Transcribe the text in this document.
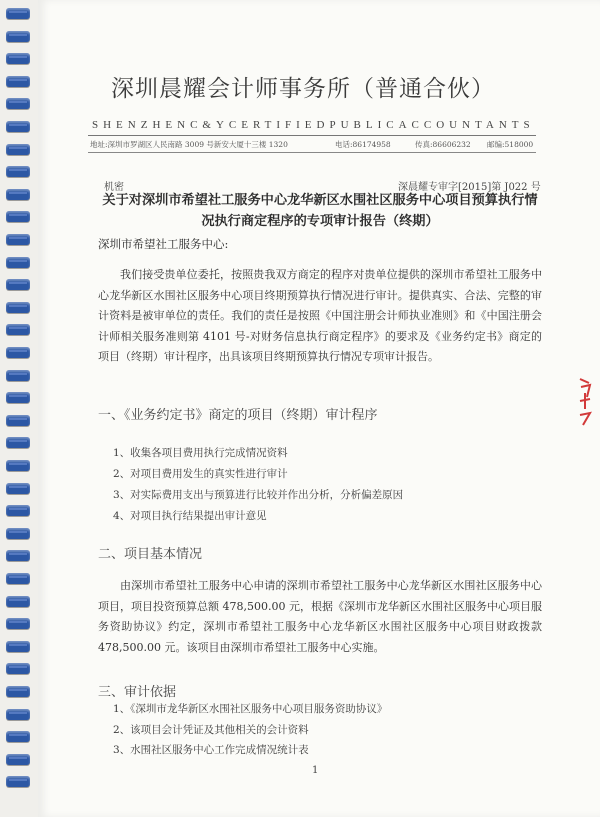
深圳晨耀会计师事务所（普通合伙）
SHENZHEN C&Y CERTIFIED PUBLIC ACCOUNTANTS
地址:深圳市罗湖区人民南路 3009 号新安大厦十三楼 1320	电话:86174958	传真:86606232 邮编:518000
机密	深晨耀专审字[2015]第 J022 号
关于对深圳市希望社工服务中心龙华新区水围社区服务中心项目预算执行情况执行商定程序的专项审计报告（终期）
深圳市希望社工服务中心:
我们接受贵单位委托，按照贵我双方商定的程序对贵单位提供的深圳市希望社工服务中心龙华新区水围社区服务中心项目终期预算执行情况进行审计。提供真实、合法、完整的审计资料是被审单位的责任。我们的责任是按照《中国注册会计师执业准则》和《中国注册会计师相关服务准则第 4101 号-对财务信息执行商定程序》的要求及《业务约定书》商定的项目（终期）审计程序，出具该项目终期预算执行情况专项审计报告。
一、《业务约定书》商定的项目（终期）审计程序
1、收集各项目费用执行完成情况资料
2、对项目费用发生的真实性进行审计
3、对实际费用支出与预算进行比较并作出分析，分析偏差原因
4、对项目执行结果提出审计意见
二、项目基本情况
由深圳市希望社工服务中心申请的深圳市希望社工服务中心龙华新区水围社区服务中心项目，项目投资预算总额 478,500.00 元，根据《深圳市龙华新区水围社区服务中心项目服务资助协议》约定，深圳市希望社工服务中心龙华新区水围社区服务中心项目财政拨款 478,500.00 元。该项目由深圳市希望社工服务中心实施。
三、审计依据
1、《深圳市龙华新区水围社区服务中心项目服务资助协议》
2、该项目会计凭证及其他相关的会计资料
3、水围社区服务中心工作完成情况统计表
1
